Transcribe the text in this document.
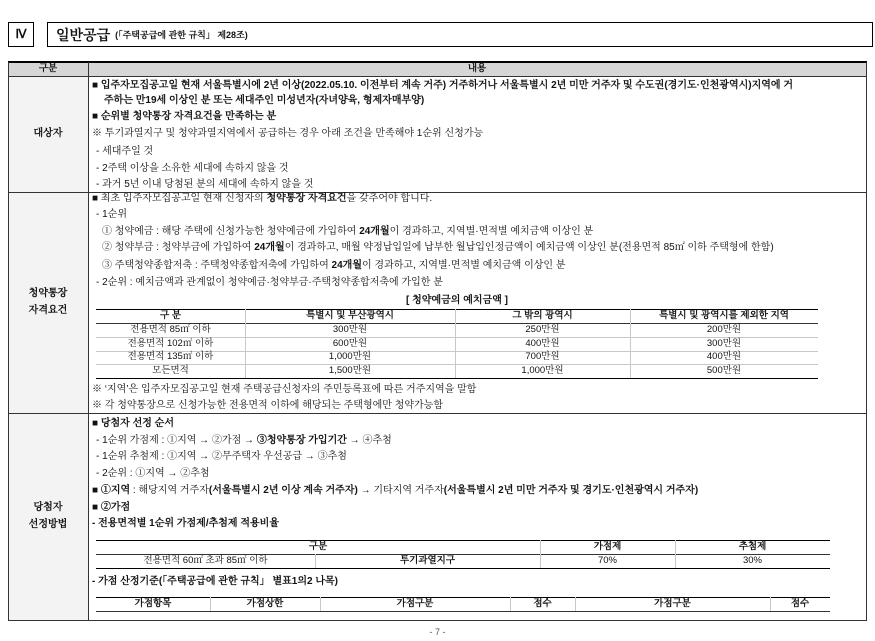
Ⅳ	일반공급 (「주택공급에 관한 규칙」 제28조)
구분	내용
대상자
■ 입주자모집공고일 현재 서울특별시에 2년 이상(2022.05.10. 이전부터 계속 거주) 거주하거나 서울특별시 2년 미만 거주자 및 수도권(경기도·인천광역시)지역에 거
주하는 만19세 이상인 분 또는 세대주인 미성년자(자녀양육, 형제자매부양)
■ 순위별 청약통장 자격요건을 만족하는 분
※ 투기과열지구 및 청약과열지역에서 공급하는 경우 아래 조건을 만족해야 1순위 신청가능
- 세대주일 것
- 2주택 이상을 소유한 세대에 속하지 않을 것
- 과거 5년 이내 당첨된 분의 세대에 속하지 않을 것
청약통장
자격요건
■ 최초 입주자모집공고일 현재 신청자의 청약통장 자격요건을 갖추어야 합니다.
- 1순위
① 청약예금 : 해당 주택에 신청가능한 청약예금에 가입하여 24개월이 경과하고, 지역별·면적별 예치금액 이상인 분
② 청약부금 : 청약부금에 가입하여 24개월이 경과하고, 매월 약정납입일에 납부한 월납입인정금액이 예치금액 이상인 분(전용면적 85㎡ 이하 주택형에 한함)
③ 주택청약종합저축 : 주택청약종합저축에 가입하여 24개월이 경과하고, 지역별·면적별 예치금액 이상인 분
- 2순위 : 예치금액과 관계없이 청약예금·청약부금·주택청약종합저축에 가입한 분
[ 청약예금의 예치금액 ]
구 분	특별시 및 부산광역시	그 밖의 광역시	특별시 및 광역시를 제외한 지역
전용면적 85㎡ 이하	300만원	250만원	200만원
전용면적 102㎡ 이하	600만원	400만원	300만원
전용면적 135㎡ 이하	1,000만원	700만원	400만원
모든면적	1,500만원	1,000만원	500만원
※ ‘지역’은 입주자모집공고일 현재 주택공급신청자의 주민등록표에 따른 거주지역을 말함
※ 각 청약통장으로 신청가능한 전용면적 이하에 해당되는 주택형에만 청약가능함
당첨자
선정방법
■ 당첨자 선정 순서
- 1순위 가점제 : ①지역 → ②가점 → ③청약통장 가입기간 → ④추첨
- 1순위 추첨제 : ①지역 → ②무주택자 우선공급 → ③추첨
- 2순위 : ①지역 → ②추첨
■ ①지역 : 해당지역 거주자(서울특별시 2년 이상 계속 거주자) → 기타지역 거주자(서울특별시 2년 미만 거주자 및 경기도·인천광역시 거주자)
■ ②가점
- 전용면적별 1순위 가점제/추첨제 적용비율
구분	가점제	추첨제
전용면적 60㎡ 초과 85㎡ 이하	투기과열지구	70%	30%
- 가점 산정기준(「주택공급에 관한 규칙」 별표1의2 나목)
가점항목	가점상한	가점구분	점수	가점구분	점수
- 7 -
